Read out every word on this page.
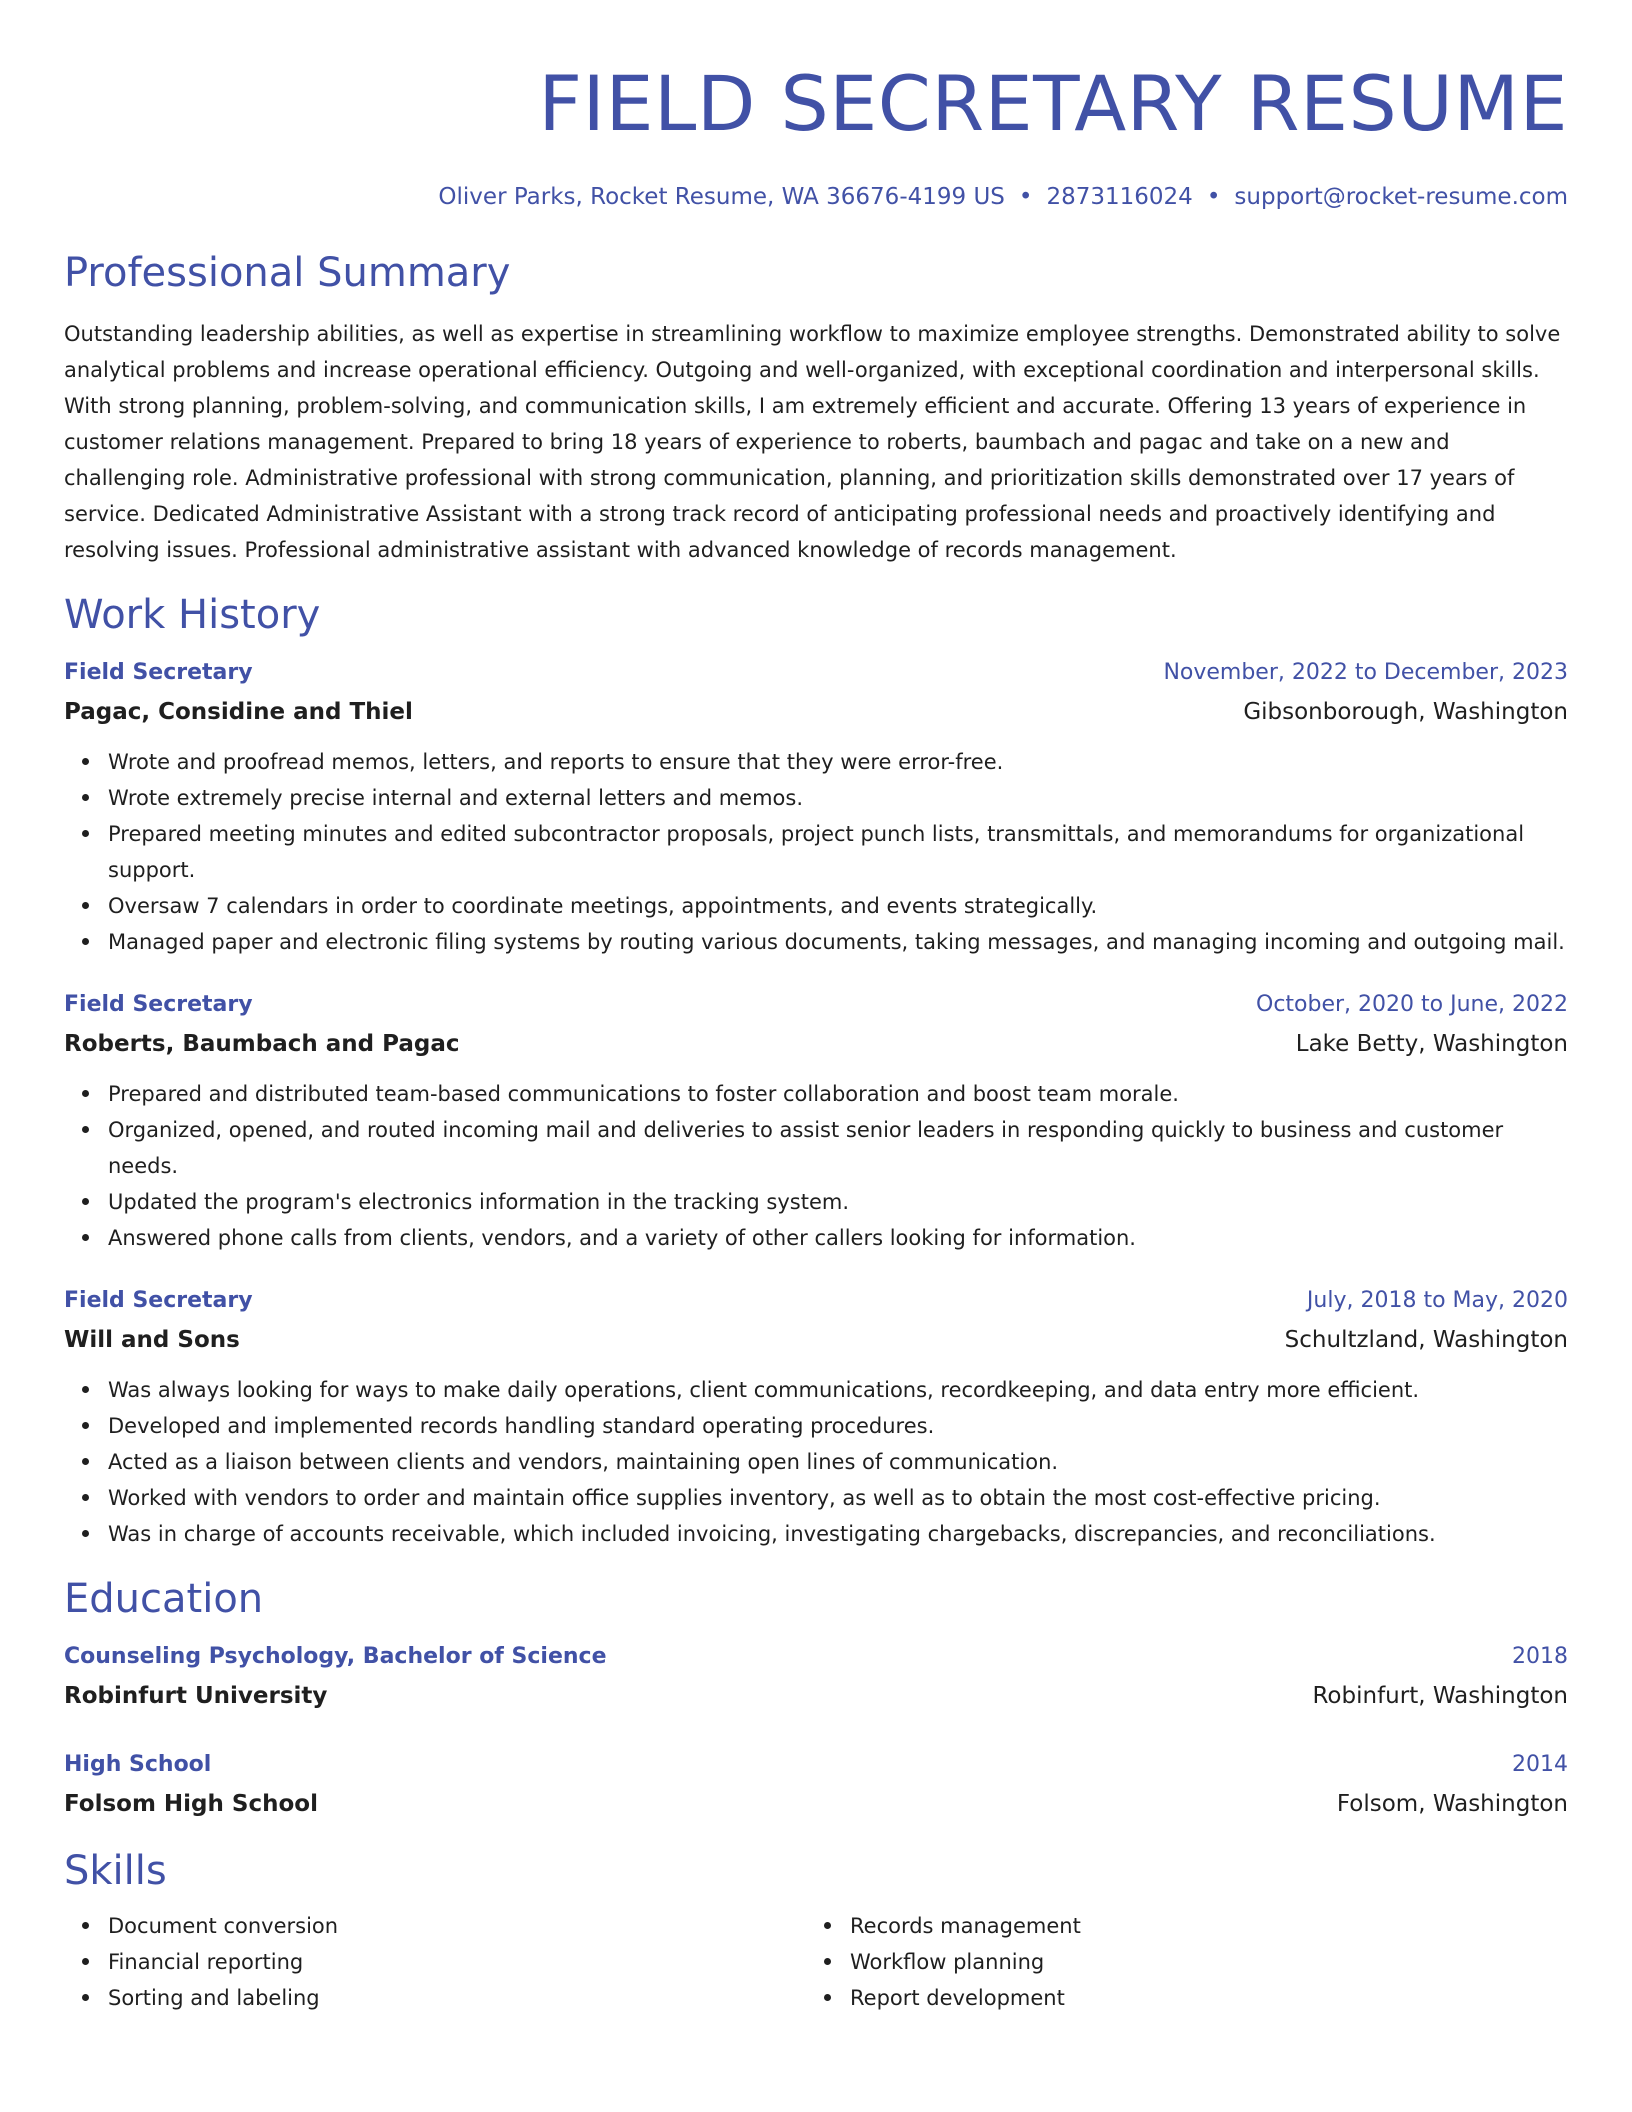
FIELD SECRETARY RESUME
Oliver Parks, Rocket Resume, WA 36676-4199 US • 2873116024 • support@rocket-resume.com
Professional Summary

Outstanding leadership abilities, as well as expertise in streamlining workflow to maximize employee strengths. Demonstrated ability to solve analytical problems and increase operational efficiency. Outgoing and well-organized, with exceptional coordination and interpersonal skills. With strong planning, problem-solving, and communication skills, I am extremely efficient and accurate. Offering 13 years of experience in customer relations management. Prepared to bring 18 years of experience to roberts, baumbach and pagac and take on a new and challenging role. Administrative professional with strong communication, planning, and prioritization skills demonstrated over 17 years of service. Dedicated Administrative Assistant with a strong track record of anticipating professional needs and proactively identifying and resolving issues. Professional administrative assistant with advanced knowledge of records management.

Work History
Field Secretary	November, 2022 to December, 2023
Pagac, Considine and Thiel	Gibsonborough, Washington
Wrote and proofread memos, letters, and reports to ensure that they were error-free.
Wrote extremely precise internal and external letters and memos.
Prepared meeting minutes and edited subcontractor proposals, project punch lists, transmittals, and memorandums for organizational support.
Oversaw 7 calendars in order to coordinate meetings, appointments, and events strategically.
Managed paper and electronic filing systems by routing various documents, taking messages, and managing incoming and outgoing mail.
Field Secretary	October, 2020 to June, 2022
Roberts, Baumbach and Pagac	Lake Betty, Washington
Prepared and distributed team-based communications to foster collaboration and boost team morale.
Organized, opened, and routed incoming mail and deliveries to assist senior leaders in responding quickly to business and customer needs.
Updated the program's electronics information in the tracking system.
Answered phone calls from clients, vendors, and a variety of other callers looking for information.
Field Secretary	July, 2018 to May, 2020
Will and Sons	Schultzland, Washington
Was always looking for ways to make daily operations, client communications, recordkeeping, and data entry more efficient.
Developed and implemented records handling standard operating procedures.
Acted as a liaison between clients and vendors, maintaining open lines of communication.
Worked with vendors to order and maintain office supplies inventory, as well as to obtain the most cost-effective pricing.
Was in charge of accounts receivable, which included invoicing, investigating chargebacks, discrepancies, and reconciliations.
Education
Counseling Psychology, Bachelor of Science	2018
Robinfurt University	Robinfurt, Washington
High School	2014
Folsom High School	Folsom, Washington
Skills
Document conversion
Financial reporting
Sorting and labeling
Records management
Workflow planning
Report development
